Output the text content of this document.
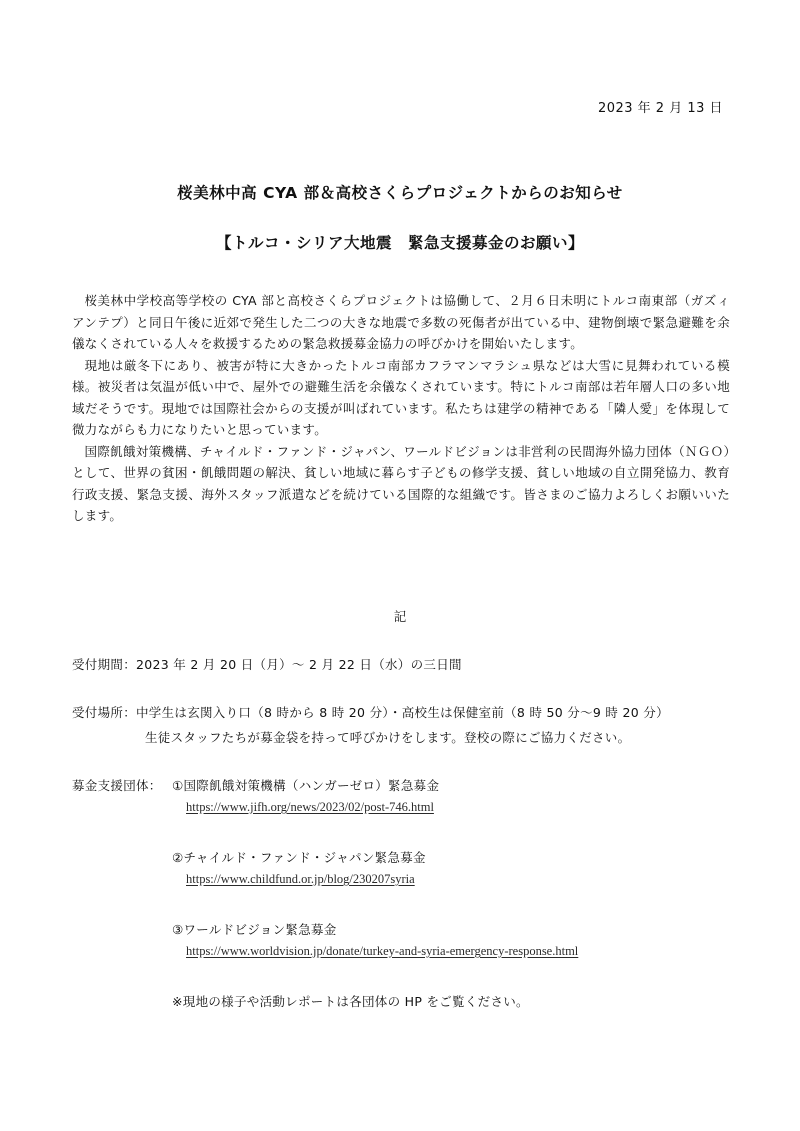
2023 年 2 月 13 日
桜美林中高 CYA 部＆高校さくらプロジェクトからのお知らせ
【トルコ・シリア大地震　緊急支援募金のお願い】

桜美林中学校高等学校の CYA 部と高校さくらプロジェクトは協働して、２月６日未明にトルコ南東部（ガズィアンテプ）と同日午後に近郊で発生した二つの大きな地震で多数の死傷者が出ている中、建物倒壊で緊急避難を余儀なくされている人々を救援するための緊急救援募金協力の呼びかけを開始いたします。

現地は厳冬下にあり、被害が特に大きかったトルコ南部カフラマンマラシュ県などは大雪に見舞われている模様。被災者は気温が低い中で、屋外での避難生活を余儀なくされています。特にトルコ南部は若年層人口の多い地域だそうです。現地では国際社会からの支援が叫ばれています。私たちは建学の精神である「隣人愛」を体現して微力ながらも力になりたいと思っています。

国際飢餓対策機構、チャイルド・ファンド・ジャパン、ワールドビジョンは非営利の民間海外協力団体（ＮＧＯ）として、世界の貧困・飢餓問題の解決、貧しい地域に暮らす子どもの修学支援、貧しい地域の自立開発協力、教育行政支援、緊急支援、海外スタッフ派遣などを続けている国際的な組織です。皆さまのご協力よろしくお願いいたします。

記
受付期間：2023 年 2 月 20 日（月）～ 2 月 22 日（水）の三日間
受付場所：中学生は玄関入り口（8 時から 8 時 20 分）・高校生は保健室前（8 時 50 分～9 時 20 分）
生徒スタッフたちが募金袋を持って呼びかけをします。登校の際にご協力ください。
募金支援団体： ①国際飢餓対策機構（ハンガーゼロ）緊急募金
https://www.jifh.org/news/2023/02/post-746.html
②チャイルド・ファンド・ジャパン緊急募金
https://www.childfund.or.jp/blog/230207syria
③ワールドビジョン緊急募金
https://www.worldvision.jp/donate/turkey-and-syria-emergency-response.html
※現地の様子や活動レポートは各団体の HP をご覧ください。
